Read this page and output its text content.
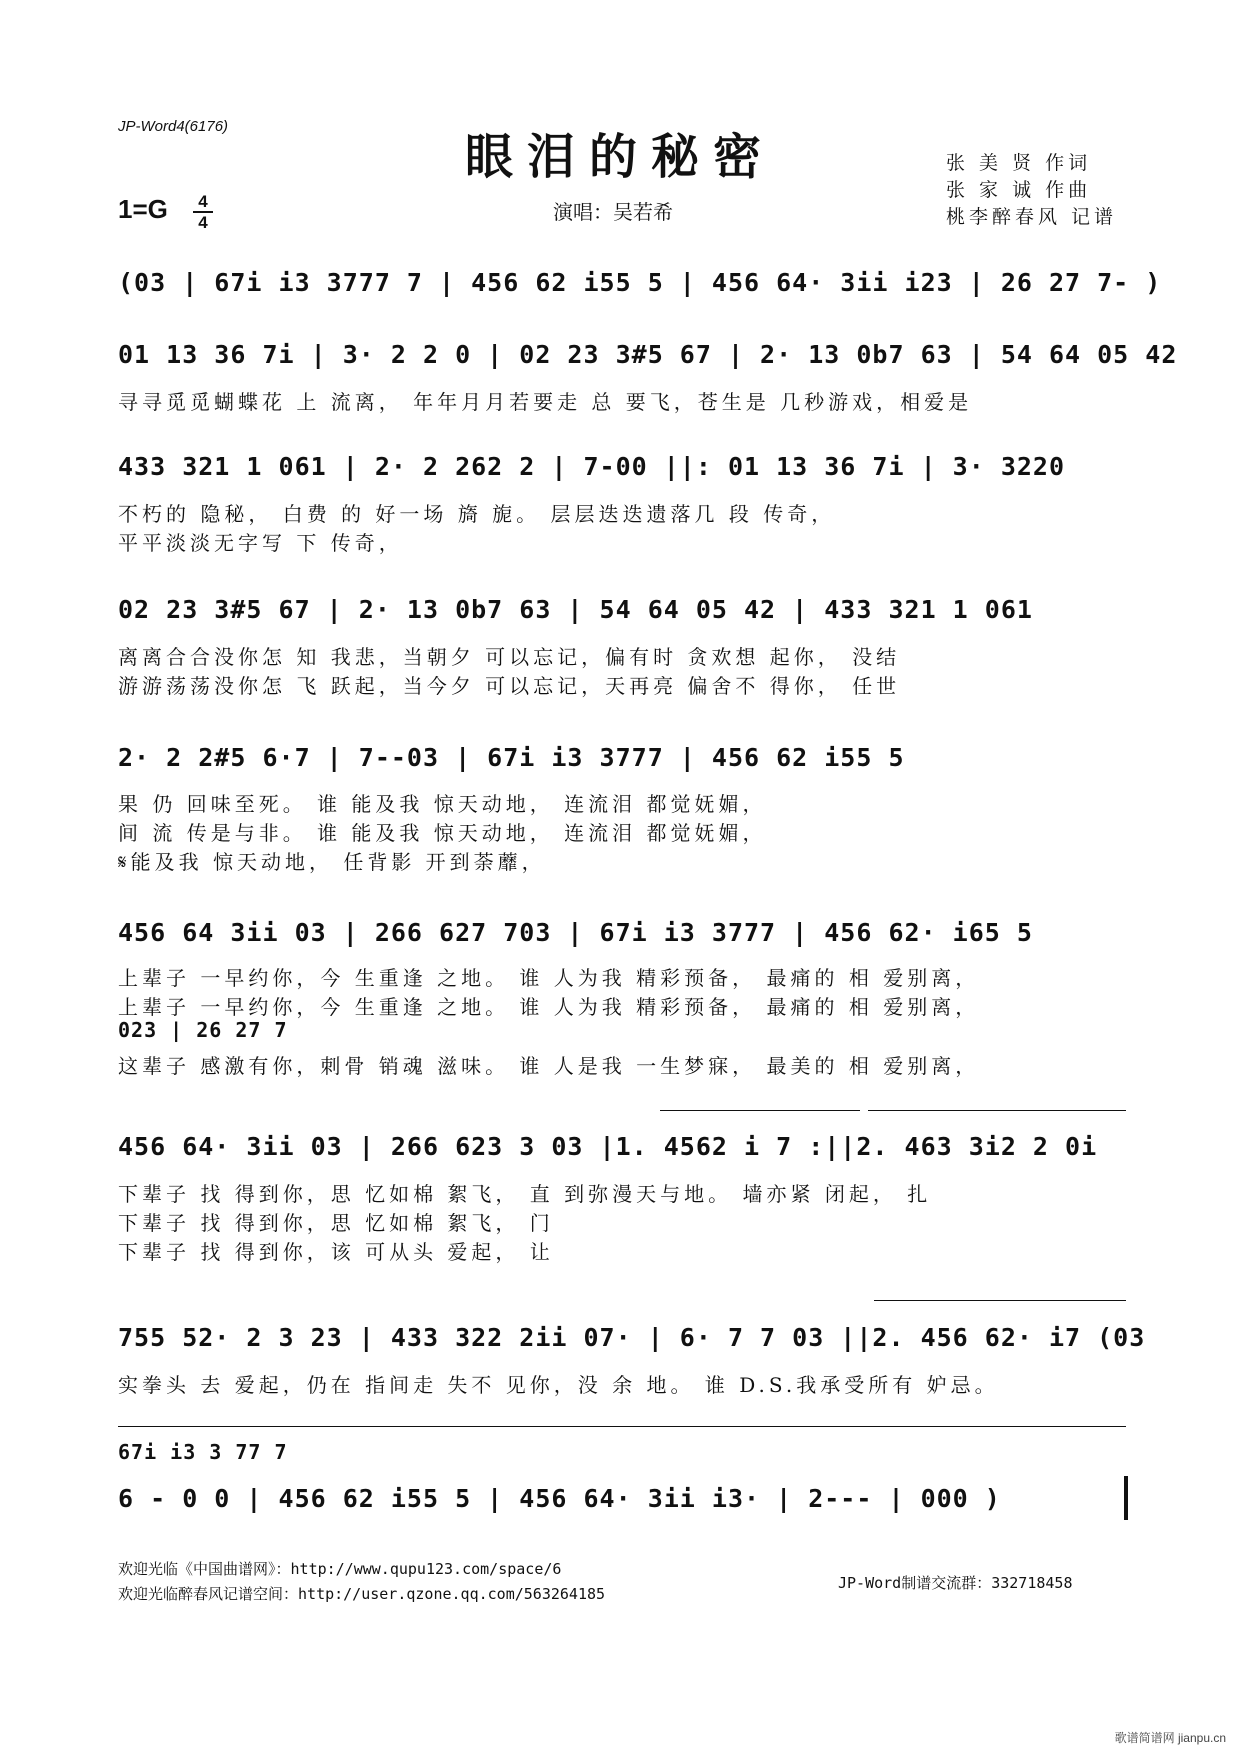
JP-Word4(6176)
眼泪的秘密
1=G	4
4	演唱：吴若希
张 美 贤 作词
张 家 诚 作曲
桃李醉春风 记谱
(03 | 67i i3 3777 7 | 456 62 i55 5 | 456 64· 3ii i23 | 26 27 7- )
01 13 36 7i | 3· 2 2 0 | 02 23 3#5 67 | 2· 13 0b7 63 | 54 64 05 42
寻寻觅觅蝴蝶花 上 流离， 年年月月若要走 总 要飞，苍生是 几秒游戏，相爱是
433 321 1 061 | 2· 2 262 2 | 7-00 ||: 01 13 36 7i | 3· 3220
不朽的 隐秘， 白费 的 好一场 旖 旎。 层层迭迭遗落几 段 传奇，
平平淡淡无字写 下 传奇，
02 23 3#5 67 | 2· 13 0b7 63 | 54 64 05 42 | 433 321 1 061
离离合合没你怎 知 我悲，当朝夕 可以忘记，偏有时 贪欢想 起你， 没结
游游荡荡没你怎 飞 跃起，当今夕 可以忘记，天再亮 偏舍不 得你， 任世
2· 2 2#5 6·7 | 7--03 | 67i i3 3777 | 456 62 i55 5
果 仍 回味至死。 谁 能及我 惊天动地， 连流泪 都觉妩媚，
间 流 传是与非。 谁 能及我 惊天动地， 连流泪 都觉妩媚，
𝄋能及我 惊天动地， 任背影 开到荼蘼，
456 64 3ii 03 | 266 627 703 | 67i i3 3777 | 456 62· i65 5
上辈子 一早约你，今 生重逢 之地。 谁 人为我 精彩预备， 最痛的 相 爱别离，
上辈子 一早约你，今 生重逢 之地。 谁 人为我 精彩预备， 最痛的 相 爱别离，
023 | 26 27 7
这辈子 感激有你，刺骨 销魂 滋味。 谁 人是我 一生梦寐， 最美的 相 爱别离，
456 64· 3ii 03 | 266 623 3 03 |1. 4562 i 7 :||2. 463 3i2 2 0i
下辈子 找 得到你，思 忆如棉 絮飞， 直 到弥漫天与地。 墙亦紧 闭起， 扎
下辈子 找 得到你，思 忆如棉 絮飞， 门
下辈子 找 得到你，该 可从头 爱起， 让
755 52· 2 3 23 | 433 322 2ii 07· | 6· 7 7 03 ||2. 456 62· i7 (03
实拳头 去 爱起，仍在 指间走 失不 见你，没 余 地。 谁 D.S.我承受所有 妒忌。
67i i3 3 77 7
6 - 0 0 | 456 62 i55 5 | 456 64· 3ii i3· | 2--- | 000 )
欢迎光临《中国曲谱网》：http://www.qupu123.com/space/6
欢迎光临醉春风记谱空间：http://user.qzone.qq.com/563264185
JP-Word制谱交流群：332718458
歌谱简谱网 jianpu.cn
